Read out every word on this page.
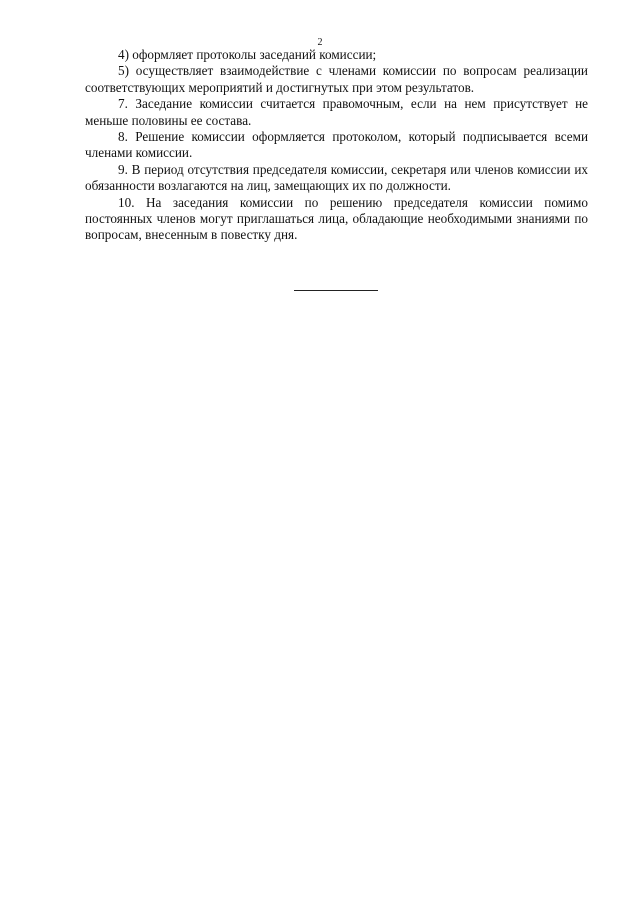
2

4) оформляет протоколы заседаний комиссии;

5) осуществляет взаимодействие с членами комиссии по вопросам реализации соответствующих мероприятий и достигнутых при этом результатов.

7. Заседание комиссии считается правомочным, если на нем присутствует не меньше половины ее состава.

8. Решение комиссии оформляется протоколом, который подписывается всеми членами комиссии.

9. В период отсутствия председателя комиссии, секретаря или членов комиссии их обязанности возлагаются на лиц, замещающих их по должности.

10. На заседания комиссии по решению председателя комиссии помимо постоянных членов могут приглашаться лица, обладающие необходимыми знаниями по вопросам, внесенным в повестку дня.
